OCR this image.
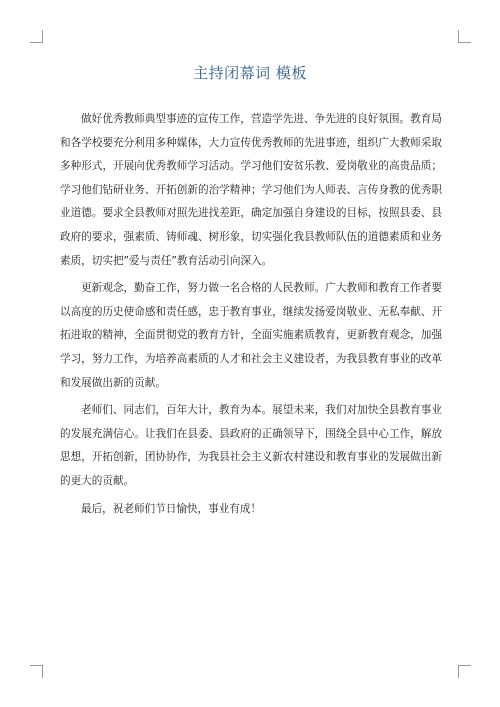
主持闭幕词 模板

做好优秀教师典型事迹的宣传工作，营造学先进、争先进的良好氛围。教育局和各学校要充分利用多种媒体，大力宣传优秀教师的先进事迹，组织广大教师采取多种形式，开展向优秀教师学习活动。学习他们安贫乐教、爱岗敬业的高贵品质；学习他们钻研业务、开拓创新的治学精神；学习他们为人师表、言传身教的优秀职业道德。要求全县教师对照先进找差距，确定加强自身建设的目标，按照县委、县政府的要求，强素质、铸师魂、树形象，切实强化我县教师队伍的道德素质和业务素质，切实把”爱与责任”教育活动引向深入。

更新观念，勤奋工作，努力做一名合格的人民教师。广大教师和教育工作者要以高度的历史使命感和责任感，忠于教育事业，继续发扬爱岗敬业、无私奉献、开拓进取的精神，全面贯彻党的教育方针，全面实施素质教育，更新教育观念，加强学习，努力工作，为培养高素质的人才和社会主义建设者，为我县教育事业的改革和发展做出新的贡献。

老师们、同志们，百年大计，教育为本。展望未来，我们对加快全县教育事业的发展充满信心。让我们在县委、县政府的正确领导下，围绕全县中心工作，解放思想，开拓创新，团协协作，为我县社会主义新农村建设和教育事业的发展做出新的更大的贡献。

最后，祝老师们节日愉快，事业有成！
